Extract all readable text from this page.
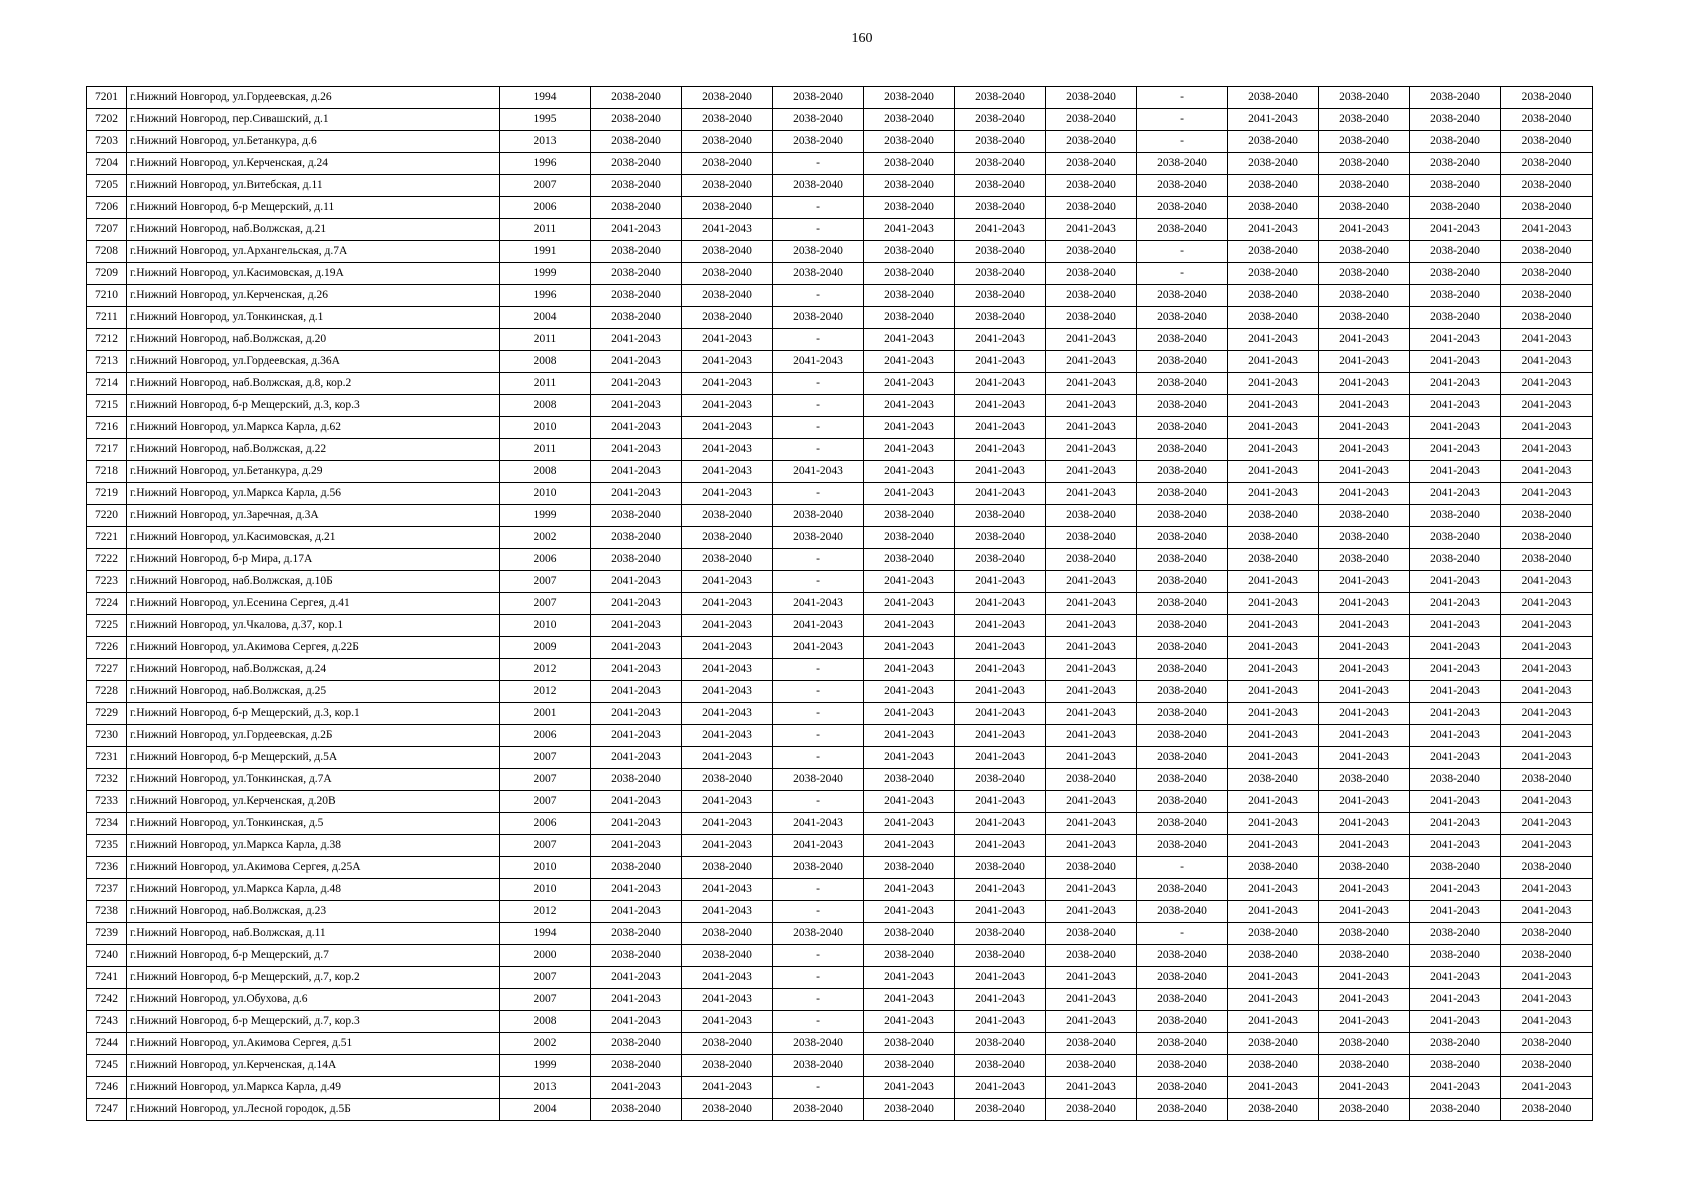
160
7201	г.Нижний Новгород, ул.Гордеевская, д.26	1994	2038-2040	2038-2040	2038-2040	2038-2040	2038-2040	2038-2040	-	2038-2040	2038-2040	2038-2040	2038-2040
7202	г.Нижний Новгород, пер.Сивашский, д.1	1995	2038-2040	2038-2040	2038-2040	2038-2040	2038-2040	2038-2040	-	2041-2043	2038-2040	2038-2040	2038-2040
7203	г.Нижний Новгород, ул.Бетанкура, д.6	2013	2038-2040	2038-2040	2038-2040	2038-2040	2038-2040	2038-2040	-	2038-2040	2038-2040	2038-2040	2038-2040
7204	г.Нижний Новгород, ул.Керченская, д.24	1996	2038-2040	2038-2040	-	2038-2040	2038-2040	2038-2040	2038-2040	2038-2040	2038-2040	2038-2040	2038-2040
7205	г.Нижний Новгород, ул.Витебская, д.11	2007	2038-2040	2038-2040	2038-2040	2038-2040	2038-2040	2038-2040	2038-2040	2038-2040	2038-2040	2038-2040	2038-2040
7206	г.Нижний Новгород, б-р Мещерский, д.11	2006	2038-2040	2038-2040	-	2038-2040	2038-2040	2038-2040	2038-2040	2038-2040	2038-2040	2038-2040	2038-2040
7207	г.Нижний Новгород, наб.Волжская, д.21	2011	2041-2043	2041-2043	-	2041-2043	2041-2043	2041-2043	2038-2040	2041-2043	2041-2043	2041-2043	2041-2043
7208	г.Нижний Новгород, ул.Архангельская, д.7А	1991	2038-2040	2038-2040	2038-2040	2038-2040	2038-2040	2038-2040	-	2038-2040	2038-2040	2038-2040	2038-2040
7209	г.Нижний Новгород, ул.Касимовская, д.19А	1999	2038-2040	2038-2040	2038-2040	2038-2040	2038-2040	2038-2040	-	2038-2040	2038-2040	2038-2040	2038-2040
7210	г.Нижний Новгород, ул.Керченская, д.26	1996	2038-2040	2038-2040	-	2038-2040	2038-2040	2038-2040	2038-2040	2038-2040	2038-2040	2038-2040	2038-2040
7211	г.Нижний Новгород, ул.Тонкинская, д.1	2004	2038-2040	2038-2040	2038-2040	2038-2040	2038-2040	2038-2040	2038-2040	2038-2040	2038-2040	2038-2040	2038-2040
7212	г.Нижний Новгород, наб.Волжская, д.20	2011	2041-2043	2041-2043	-	2041-2043	2041-2043	2041-2043	2038-2040	2041-2043	2041-2043	2041-2043	2041-2043
7213	г.Нижний Новгород, ул.Гордеевская, д.36А	2008	2041-2043	2041-2043	2041-2043	2041-2043	2041-2043	2041-2043	2038-2040	2041-2043	2041-2043	2041-2043	2041-2043
7214	г.Нижний Новгород, наб.Волжская, д.8, кор.2	2011	2041-2043	2041-2043	-	2041-2043	2041-2043	2041-2043	2038-2040	2041-2043	2041-2043	2041-2043	2041-2043
7215	г.Нижний Новгород, б-р Мещерский, д.3, кор.3	2008	2041-2043	2041-2043	-	2041-2043	2041-2043	2041-2043	2038-2040	2041-2043	2041-2043	2041-2043	2041-2043
7216	г.Нижний Новгород, ул.Маркса Карла, д.62	2010	2041-2043	2041-2043	-	2041-2043	2041-2043	2041-2043	2038-2040	2041-2043	2041-2043	2041-2043	2041-2043
7217	г.Нижний Новгород, наб.Волжская, д.22	2011	2041-2043	2041-2043	-	2041-2043	2041-2043	2041-2043	2038-2040	2041-2043	2041-2043	2041-2043	2041-2043
7218	г.Нижний Новгород, ул.Бетанкура, д.29	2008	2041-2043	2041-2043	2041-2043	2041-2043	2041-2043	2041-2043	2038-2040	2041-2043	2041-2043	2041-2043	2041-2043
7219	г.Нижний Новгород, ул.Маркса Карла, д.56	2010	2041-2043	2041-2043	-	2041-2043	2041-2043	2041-2043	2038-2040	2041-2043	2041-2043	2041-2043	2041-2043
7220	г.Нижний Новгород, ул.Заречная, д.3А	1999	2038-2040	2038-2040	2038-2040	2038-2040	2038-2040	2038-2040	2038-2040	2038-2040	2038-2040	2038-2040	2038-2040
7221	г.Нижний Новгород, ул.Касимовская, д.21	2002	2038-2040	2038-2040	2038-2040	2038-2040	2038-2040	2038-2040	2038-2040	2038-2040	2038-2040	2038-2040	2038-2040
7222	г.Нижний Новгород, б-р Мира, д.17А	2006	2038-2040	2038-2040	-	2038-2040	2038-2040	2038-2040	2038-2040	2038-2040	2038-2040	2038-2040	2038-2040
7223	г.Нижний Новгород, наб.Волжская, д.10Б	2007	2041-2043	2041-2043	-	2041-2043	2041-2043	2041-2043	2038-2040	2041-2043	2041-2043	2041-2043	2041-2043
7224	г.Нижний Новгород, ул.Есенина Сергея, д.41	2007	2041-2043	2041-2043	2041-2043	2041-2043	2041-2043	2041-2043	2038-2040	2041-2043	2041-2043	2041-2043	2041-2043
7225	г.Нижний Новгород, ул.Чкалова, д.37, кор.1	2010	2041-2043	2041-2043	2041-2043	2041-2043	2041-2043	2041-2043	2038-2040	2041-2043	2041-2043	2041-2043	2041-2043
7226	г.Нижний Новгород, ул.Акимова Сергея, д.22Б	2009	2041-2043	2041-2043	2041-2043	2041-2043	2041-2043	2041-2043	2038-2040	2041-2043	2041-2043	2041-2043	2041-2043
7227	г.Нижний Новгород, наб.Волжская, д.24	2012	2041-2043	2041-2043	-	2041-2043	2041-2043	2041-2043	2038-2040	2041-2043	2041-2043	2041-2043	2041-2043
7228	г.Нижний Новгород, наб.Волжская, д.25	2012	2041-2043	2041-2043	-	2041-2043	2041-2043	2041-2043	2038-2040	2041-2043	2041-2043	2041-2043	2041-2043
7229	г.Нижний Новгород, б-р Мещерский, д.3, кор.1	2001	2041-2043	2041-2043	-	2041-2043	2041-2043	2041-2043	2038-2040	2041-2043	2041-2043	2041-2043	2041-2043
7230	г.Нижний Новгород, ул.Гордеевская, д.2Б	2006	2041-2043	2041-2043	-	2041-2043	2041-2043	2041-2043	2038-2040	2041-2043	2041-2043	2041-2043	2041-2043
7231	г.Нижний Новгород, б-р Мещерский, д.5А	2007	2041-2043	2041-2043	-	2041-2043	2041-2043	2041-2043	2038-2040	2041-2043	2041-2043	2041-2043	2041-2043
7232	г.Нижний Новгород, ул.Тонкинская, д.7А	2007	2038-2040	2038-2040	2038-2040	2038-2040	2038-2040	2038-2040	2038-2040	2038-2040	2038-2040	2038-2040	2038-2040
7233	г.Нижний Новгород, ул.Керченская, д.20В	2007	2041-2043	2041-2043	-	2041-2043	2041-2043	2041-2043	2038-2040	2041-2043	2041-2043	2041-2043	2041-2043
7234	г.Нижний Новгород, ул.Тонкинская, д.5	2006	2041-2043	2041-2043	2041-2043	2041-2043	2041-2043	2041-2043	2038-2040	2041-2043	2041-2043	2041-2043	2041-2043
7235	г.Нижний Новгород, ул.Маркса Карла, д.38	2007	2041-2043	2041-2043	2041-2043	2041-2043	2041-2043	2041-2043	2038-2040	2041-2043	2041-2043	2041-2043	2041-2043
7236	г.Нижний Новгород, ул.Акимова Сергея, д.25А	2010	2038-2040	2038-2040	2038-2040	2038-2040	2038-2040	2038-2040	-	2038-2040	2038-2040	2038-2040	2038-2040
7237	г.Нижний Новгород, ул.Маркса Карла, д.48	2010	2041-2043	2041-2043	-	2041-2043	2041-2043	2041-2043	2038-2040	2041-2043	2041-2043	2041-2043	2041-2043
7238	г.Нижний Новгород, наб.Волжская, д.23	2012	2041-2043	2041-2043	-	2041-2043	2041-2043	2041-2043	2038-2040	2041-2043	2041-2043	2041-2043	2041-2043
7239	г.Нижний Новгород, наб.Волжская, д.11	1994	2038-2040	2038-2040	2038-2040	2038-2040	2038-2040	2038-2040	-	2038-2040	2038-2040	2038-2040	2038-2040
7240	г.Нижний Новгород, б-р Мещерский, д.7	2000	2038-2040	2038-2040	-	2038-2040	2038-2040	2038-2040	2038-2040	2038-2040	2038-2040	2038-2040	2038-2040
7241	г.Нижний Новгород, б-р Мещерский, д.7, кор.2	2007	2041-2043	2041-2043	-	2041-2043	2041-2043	2041-2043	2038-2040	2041-2043	2041-2043	2041-2043	2041-2043
7242	г.Нижний Новгород, ул.Обухова, д.6	2007	2041-2043	2041-2043	-	2041-2043	2041-2043	2041-2043	2038-2040	2041-2043	2041-2043	2041-2043	2041-2043
7243	г.Нижний Новгород, б-р Мещерский, д.7, кор.3	2008	2041-2043	2041-2043	-	2041-2043	2041-2043	2041-2043	2038-2040	2041-2043	2041-2043	2041-2043	2041-2043
7244	г.Нижний Новгород, ул.Акимова Сергея, д.51	2002	2038-2040	2038-2040	2038-2040	2038-2040	2038-2040	2038-2040	2038-2040	2038-2040	2038-2040	2038-2040	2038-2040
7245	г.Нижний Новгород, ул.Керченская, д.14А	1999	2038-2040	2038-2040	2038-2040	2038-2040	2038-2040	2038-2040	2038-2040	2038-2040	2038-2040	2038-2040	2038-2040
7246	г.Нижний Новгород, ул.Маркса Карла, д.49	2013	2041-2043	2041-2043	-	2041-2043	2041-2043	2041-2043	2038-2040	2041-2043	2041-2043	2041-2043	2041-2043
7247	г.Нижний Новгород, ул.Лесной городок, д.5Б	2004	2038-2040	2038-2040	2038-2040	2038-2040	2038-2040	2038-2040	2038-2040	2038-2040	2038-2040	2038-2040	2038-2040
